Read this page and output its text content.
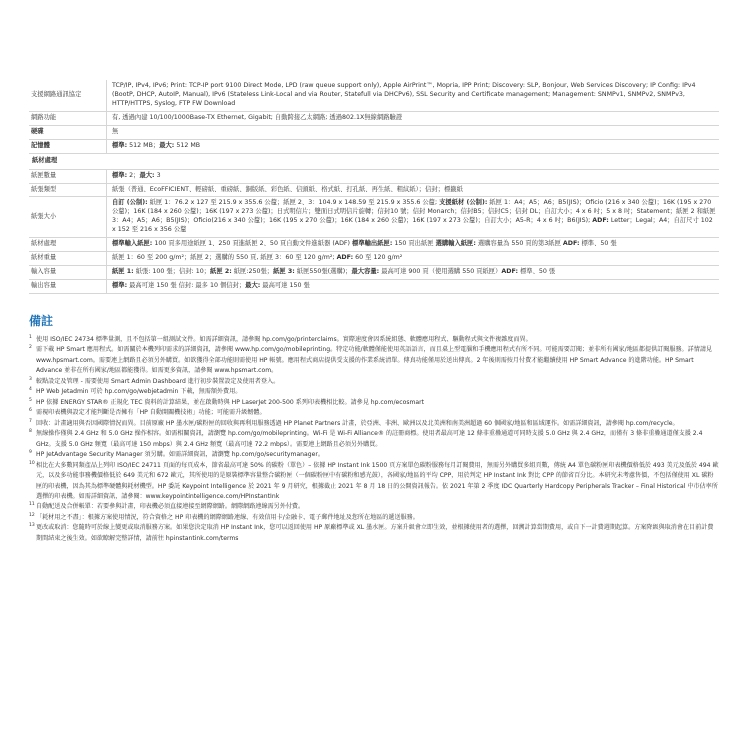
支援網路通訊協定	TCP/IP, IPv4, IPv6; Print: TCP-IP port 9100 Direct Mode, LPD (raw queue support only), Apple AirPrint™, Mopria, IPP Print; Discovery: SLP, Bonjour, Web Services Discovery; IP Config: IPv4 (BootP, DHCP, AutoIP, Manual), IPv6 (Stateless Link-Local and via Router, Statefull via DHCPv6), SSL Security and Certificate management; Management: SNMPv1, SNMPv2, SNMPv3, HTTP/HTTPS, Syslog, FTP FW Download
網路功能	有, 透過內建 10/100/1000Base-TX Ethernet, Gigabit; 自動跨接乙太網路; 透過802.1X無線網路驗證
硬碟	無
記憶體	標準: 512 MB；最大: 512 MB
紙材處理	
紙匣數量	標準: 2；最大: 3
紙張類型	紙張（普通、EcoFFICIENT、輕磅紙、重磅紙、銅版紙、彩色紙、信頭紙、格式紙、打孔紙、再生紙、粗紋紙）；信封；標籤紙
紙張大小	自訂 (公制): 紙匣 1：76.2 x 127 至 215.9 x 355.6 公釐；紙匣 2、3：104.9 x 148.59 至 215.9 x 355.6 公釐; 支援紙材 (公制): 紙匣 1：A4；A5；A6；B5(JIS)；Oficio (216 x 340 公釐)；16K (195 x 270 公釐)；16K (184 x 260 公釐)；16K (197 x 273 公釐)；日式明信片；雙面日式明信片旋轉；信封10 號；信封 Monarch；信封B5；信封C5；信封 DL；自訂大小；4 x 6 吋；5 x 8 吋；Statement；紙匣 2 和紙匣 3：A4；A5；A6；B5(JIS)；Oficio(216 x 340 公釐)；16K (195 x 270 公釐)；16K (184 x 260 公釐)；16K (197 x 273 公釐)；自訂大小；A5-R；4 x 6 吋；B6(JIS); ADF: Letter；Legal；A4；自訂尺寸 102 x 152 至 216 x 356 公釐
紙材處理	標準輸入紙匣: 100 頁多用途紙匣 1、250 頁進紙匣 2、50 頁自動文件進紙器 (ADF) 標準輸出紙匣: 150 頁出紙匣 選購輸入紙匣: 選購容量為 550 頁的第3紙匣 ADF: 標準、50 張
紙材重量	紙匣 1：60 至 200 g/m²；紙匣 2；選購的 550 頁, 紙匣 3：60 至 120 g/m²; ADF: 60 至 120 g/m²
輸入容量	紙匣 1: 紙張: 100 張；信封: 10；紙匣 2: 紙匣:250張；紙匣 3: 紙匣550張(選購)；最大容量: 最高可達 900 頁（使用選購 550 頁紙匣）ADF: 標準、50 張
輸出容量	標準: 最高可達 150 張 信封: 最多 10 個信封；最大: 最高可達 150 張
備註
1 使用 ISO/IEC 24734 標準量測，且不包括第一組測試文件。如需詳細資訊，請參閱 hp.com/go/printerclaims。實際速度會因系統組態、軟體應用程式、驅動程式與文件複雜度而異。
2 需下載 HP Smart 應用程式。如需關於本機列印需求的詳細資訊，請參閱 www.hp.com/go/mobileprinting。特定功能/軟體僅能使用英語語言，而且桌上型電腦和手機應用程式有所不同。可能需要訂閱；並非所有國家/地區都提供訂閱服務。詳情請見 www.hpsmart.com。需要連上網路且必須另外購買。如欲獲得全部功能則需使用 HP 帳號。應用程式商店提供受支援的作業系統清單。傳真功能僅用於送出傳真。2 年後則需按月付費才能繼續使用 HP Smart Advance 的進階功能。HP Smart Advance 並非在所有國家/地區都能獲得。如需更多資訊，請參閱 www.hpsmart.com。
3 較點設定及管理 - 需要使用 Smart Admin Dashboard 進行初步裝置設定及使用者登入。
4 HP Web Jetadmin 可於 hp.com/go/webjetadmin 下載，無需額外費用。
5 HP 依據 ENERGY STAR® 正規化 TEC 資料的計算結果，並在啟動時與 HP LaserJet 200-500 系列印表機相比較。請參見 hp.com/ecosmart
6 需視印表機與設定才能判斷是否擁有「HP 自動開關機技術」功能；可能需升級韌體。
7 回收：計畫適用與否因國際情況而異。目前原廠 HP 墨水匣/碳粉匣的回收與再利用服務透過 HP Planet Partners 計畫，於亞洲、非洲、歐洲以及北美洲和南美洲超過 60 個國家/地區和區域運作。如需詳細資訊，請參閱 hp.com/recycle。
8 無線操作僅與 2.4 GHz 和 5.0 GHz 操作相容。如需相關資訊，請瀏覽 hp.com/go/mobileprinting。Wi-Fi 是 Wi-Fi Alliance® 的註冊商標。使用者最高可達 12 條非重疊通道可同時支援 5.0 GHz 與 2.4 GHz，而僅有 3 條非重疊通道僅支援 2.4 GHz。支援 5.0 GHz 頻寬（最高可達 150 mbps）與 2.4 GHz 頻寬（最高可達 72.2 mbps）。需要連上網路且必須另外購買。
9 HP JetAdvantage Security Manager 須另購。如需詳細資訊，請瀏覽 hp.com/go/securitymanager。
10 相比在大多數同類產品上列印 ISO/IEC 24711 頁面的每頁成本，節省最高可達 50% 的碳粉（單色）– 依據 HP Instant Ink 1500 頁方案單色碳粉服務每月訂閱費用，無需另外購買多組頁數，傳統 A4 單色碳粉匣印表機價格低於 493 美元及低於 494 歐元，以及多功能事務機價格低於 649 美元和 672 歐元，其所使用的是原裝標準容量整合碳粉匣（一個碳粉匣中有碳粉和感光鼓），各國家/地區的平均 CPP，用於判定 HP Instant Ink 對比 CPP 的節省百分比。本研究未考慮售價，不包括僅使用 XL 碳粉匣的印表機，因為其為標準硬體與耗材機型。HP 委託 Keypoint Intelligence 於 2021 年 9 月研究，根據截止 2021 年 8 月 18 日的公開資訊報告。依 2021 年第 2 季度 IDC Quarterly Hardcopy Peripherals Tracker – Final Historical 中市佔率所選擇的印表機。如需詳細資訊，請參閱：www.keypointintelligence.com/HPInstantInk
11 自動配送及合併帳單：若要參與計畫，印表機必須直接連接至網際網路。網際網路連線需另外付費。
12 「耗材用之不盡」：根據方案使用情況，符合資格之 HP 印表機的網際網路連線、有效信用卡/金融卡、電子郵件地址及您所在地區的遞送服務。
13 更改或取消：您隨時可於線上變更或取消服務方案。如果您決定取消 HP Instant Ink，您可以返回使用 HP 原廠標準或 XL 墨水匣。方案升級會立即生效，並根據使用者的選擇，回溯計算當期費用，或自下一計費週期起算。方案降級與取消會在目前計費期間結束之後生效。如欲瞭解完整詳情，請前往 hpinstantink.com/terms
